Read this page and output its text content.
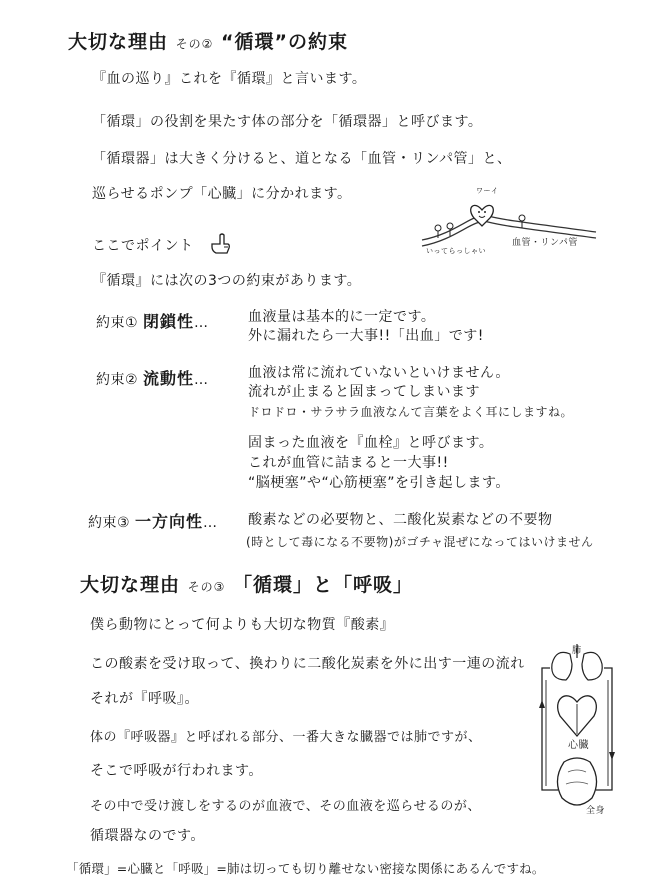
大切な理由 その② “循環”の約束
『血の巡り』これを『循環』と言います。
「循環」の役割を果たす体の部分を「循環器」と呼びます。
「循環器」は大きく分けると、道となる「血管・リンパ管」と、
巡らせるポンプ「心臓」に分かれます。	ワーイ
いってらっしゃい
血管・リンパ管
ここでポイント
『循環』には次の3つの約束があります。
約束① 閉鎖性…	血液量は基本的に一定です。
外に漏れたら一大事!!「出血」です!
約束② 流動性…	血液は常に流れていないといけません。
流れが止まると固まってしまいます
ドロドロ・サラサラ血液なんて言葉をよく耳にしますね。
固まった血液を『血栓』と呼びます。
これが血管に詰まると一大事!!
“脳梗塞”や“心筋梗塞”を引き起します。
約束③ 一方向性… 酸素などの必要物と、二酸化炭素などの不要物
(時として毒になる不要物)がゴチャ混ぜになってはいけません
大切な理由 その③ 「循環」と「呼吸」
僕ら動物にとって何よりも大切な物質『酸素』
この酸素を受け取って、換わりに二酸化炭素を外に出す一連の流れ
それが『呼吸』。
体の『呼吸器』と呼ばれる部分、一番大きな臓器では肺ですが、
そこで呼吸が行われます。
その中で受け渡しをするのが血液で、その血液を巡らせるのが、
循環器なのです。
「循環」=心臓と「呼吸」=肺は切っても切り離せない密接な関係にあるんですね。
肺
心臓
全身
